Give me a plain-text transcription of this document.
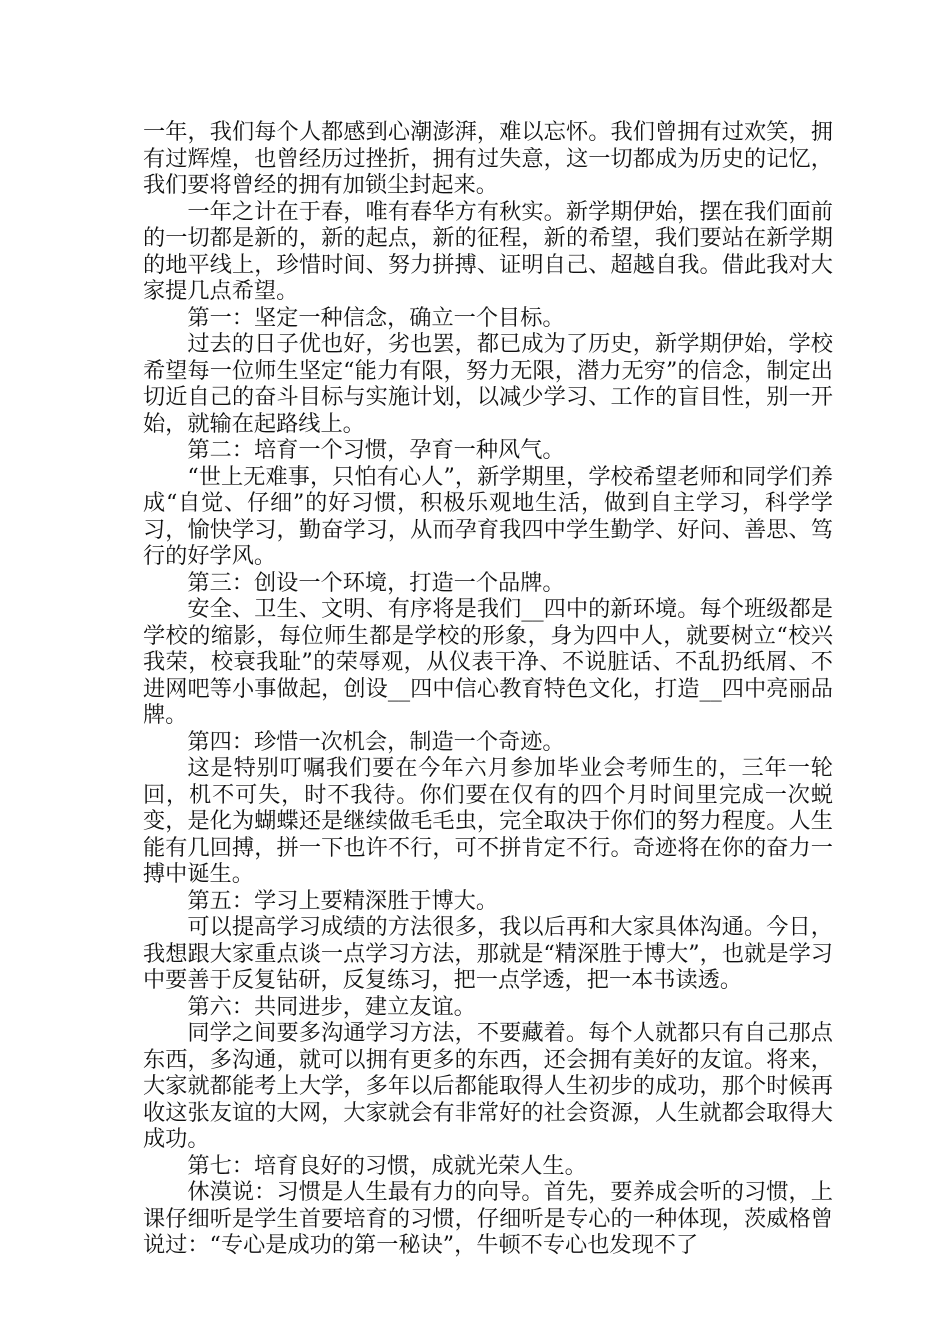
一年，我们每个人都感到心潮澎湃，难以忘怀。我们曾拥有过欢笑，拥有过辉煌，也曾经历过挫折，拥有过失意，这一切都成为历史的记忆，我们要将曾经的拥有加锁尘封起来。

一年之计在于春，唯有春华方有秋实。新学期伊始，摆在我们面前的一切都是新的，新的起点，新的征程，新的希望，我们要站在新学期的地平线上，珍惜时间、努力拼搏、证明自己、超越自我。借此我对大家提几点希望。

第一：坚定一种信念，确立一个目标。

过去的日子优也好，劣也罢，都已成为了历史，新学期伊始，学校希望每一位师生坚定“能力有限，努力无限，潜力无穷”的信念，制定出切近自己的奋斗目标与实施计划，以减少学习、工作的盲目性，别一开始，就输在起路线上。

第二：培育一个习惯，孕育一种风气。

“世上无难事，只怕有心人”，新学期里，学校希望老师和同学们养成“自觉、仔细”的好习惯，积极乐观地生活，做到自主学习，科学学习，愉快学习，勤奋学习，从而孕育我四中学生勤学、好问、善思、笃行的好学风。

第三：创设一个环境，打造一个品牌。

安全、卫生、文明、有序将是我们__四中的新环境。每个班级都是学校的缩影，每位师生都是学校的形象，身为四中人，就要树立“校兴我荣，校衰我耻”的荣辱观，从仪表干净、不说脏话、不乱扔纸屑、不进网吧等小事做起，创设__四中信心教育特色文化，打造__四中亮丽品牌。

第四：珍惜一次机会，制造一个奇迹。

这是特别叮嘱我们要在今年六月参加毕业会考师生的，三年一轮回，机不可失，时不我待。你们要在仅有的四个月时间里完成一次蜕变，是化为蝴蝶还是继续做毛毛虫，完全取决于你们的努力程度。人生能有几回搏，拼一下也许不行，可不拼肯定不行。奇迹将在你的奋力一搏中诞生。

第五：学习上要精深胜于博大。

可以提高学习成绩的方法很多，我以后再和大家具体沟通。今日，我想跟大家重点谈一点学习方法，那就是“精深胜于博大”，也就是学习中要善于反复钻研，反复练习，把一点学透，把一本书读透。

第六：共同进步，建立友谊。

同学之间要多沟通学习方法，不要藏着。每个人就都只有自己那点东西，多沟通，就可以拥有更多的东西，还会拥有美好的友谊。将来，大家就都能考上大学，多年以后都能取得人生初步的成功，那个时候再收这张友谊的大网，大家就会有非常好的社会资源，人生就都会取得大成功。

第七：培育良好的习惯，成就光荣人生。

休漠说：习惯是人生最有力的向导。首先，要养成会听的习惯，上课仔细听是学生首要培育的习惯，仔细听是专心的一种体现，茨威格曾说过：“专心是成功的第一秘诀”，牛顿不专心也发现不了
